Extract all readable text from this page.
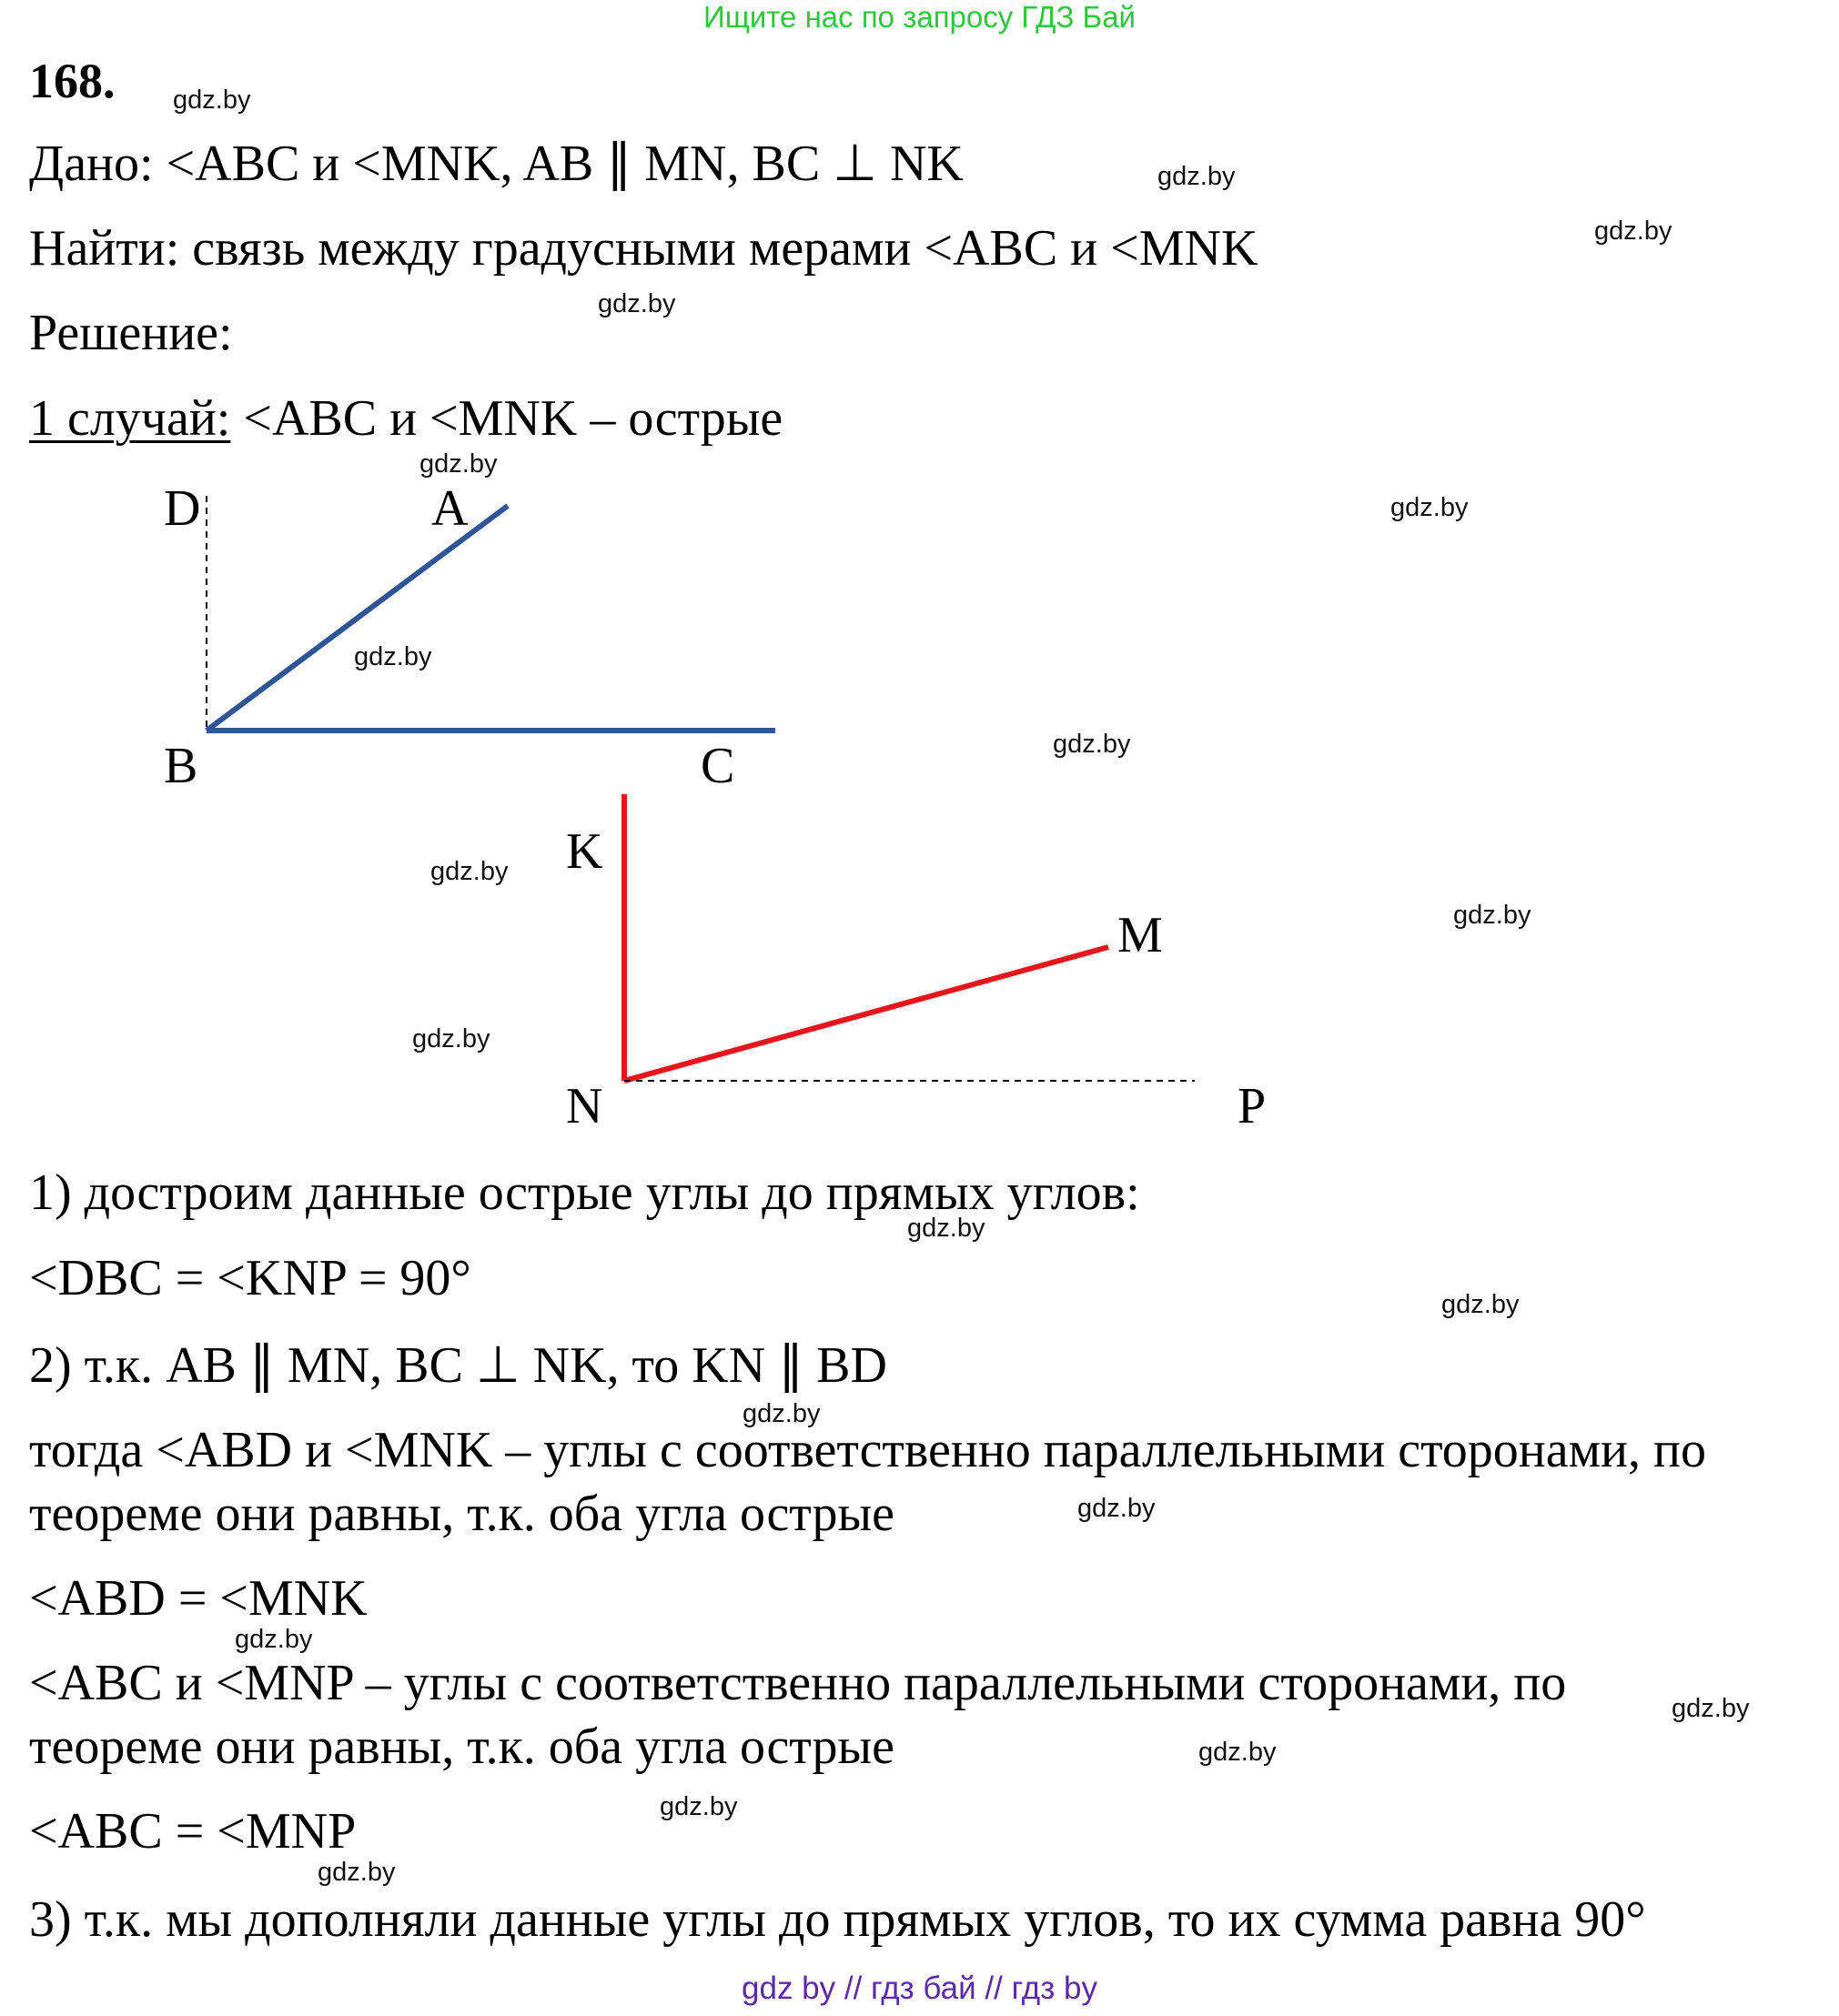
Ищите нас по запросу ГДЗ Бай
168.
Дано: <ABC и <MNK, AB ∥ MN, BC ⊥ NK
Найти: связь между градусными мерами <ABC и <MNK
Решение:
1 случай: <ABC и <MNK – острые
D	A
B	C
K
M
N	P
1) достроим данные острые углы до прямых углов:
<DBC = <KNP = 90°
2) т.к. AB ∥ MN, BC ⊥ NK, то KN ∥ BD
тогда <ABD и <MNK – углы с соответственно параллельными сторонами, по
теореме они равны, т.к. оба угла острые
<ABD = <MNK
<ABC и <MNP – углы с соответственно параллельными сторонами, по
теореме они равны, т.к. оба угла острые
<ABC = <MNP
3) т.к. мы дополняли данные углы до прямых углов, то их сумма равна 90°
gdz.by
gdz.by
gdz.by
gdz.by
gdz.by
gdz.by
gdz.by
gdz.by
gdz.by
gdz.by
gdz.by
gdz.by
gdz.by
gdz.by
gdz.by
gdz.by
gdz.by
gdz.by
gdz.by
gdz.by
gdz by // гдз бай // гдз by
